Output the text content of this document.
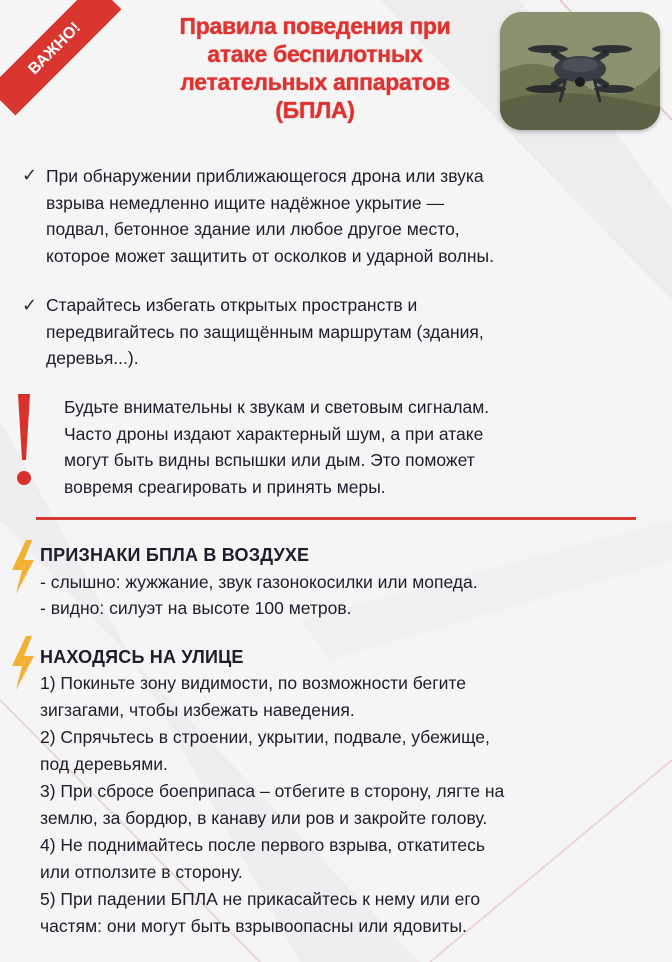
ВАЖНО!	Правила поведения при
атаке беспилотных
летательных аппаратов
(БПЛА)
✓ При обнаружении приближающегося дрона или звука
взрыва немедленно ищите надёжное укрытие —
подвал, бетонное здание или любое другое место,
которое может защитить от осколков и ударной волны.
✓ Старайтесь избегать открытых пространств и
передвигайтесь по защищённым маршрутам (здания,
деревья...).
Будьте внимательны к звукам и световым сигналам.
Часто дроны издают характерный шум, а при атаке
могут быть видны вспышки или дым. Это поможет
вовремя среагировать и принять меры.
ПРИЗНАКИ БПЛА В ВОЗДУХЕ
- слышно: жужжание, звук газонокосилки или мопеда.
- видно: силуэт на высоте 100 метров.
НАХОДЯСЬ НА УЛИЦЕ
1) Покиньте зону видимости, по возможности бегите
зигзагами, чтобы избежать наведения.
2) Спрячьтесь в строении, укрытии, подвале, убежище,
под деревьями.
3) При сбросе боеприпаса – отбегите в сторону, лягте на
землю, за бордюр, в канаву или ров и закройте голову.
4) Не поднимайтесь после первого взрыва, откатитесь
или отползите в сторону.
5) При падении БПЛА не прикасайтесь к нему или его
частям: они могут быть взрывоопасны или ядовиты.
